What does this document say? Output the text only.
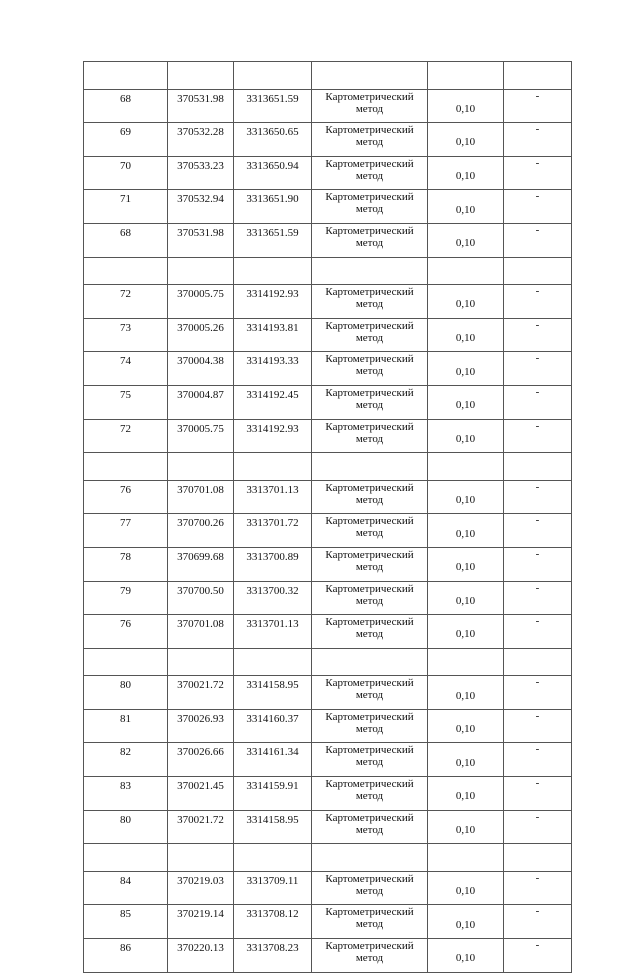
68	370531.98	3313651.59	Картометрический метод	0,10	-
69	370532.28	3313650.65	Картометрический метод	0,10	-
70	370533.23	3313650.94	Картометрический метод	0,10	-
71	370532.94	3313651.90	Картометрический метод	0,10	-
68	370531.98	3313651.59	Картометрический метод	0,10	-

72	370005.75	3314192.93	Картометрический метод	0,10	-
73	370005.26	3314193.81	Картометрический метод	0,10	-
74	370004.38	3314193.33	Картометрический метод	0,10	-
75	370004.87	3314192.45	Картометрический метод	0,10	-
72	370005.75	3314192.93	Картометрический метод	0,10	-

76	370701.08	3313701.13	Картометрический метод	0,10	-
77	370700.26	3313701.72	Картометрический метод	0,10	-
78	370699.68	3313700.89	Картометрический метод	0,10	-
79	370700.50	3313700.32	Картометрический метод	0,10	-
76	370701.08	3313701.13	Картометрический метод	0,10	-

80	370021.72	3314158.95	Картометрический метод	0,10	-
81	370026.93	3314160.37	Картометрический метод	0,10	-
82	370026.66	3314161.34	Картометрический метод	0,10	-
83	370021.45	3314159.91	Картометрический метод	0,10	-
80	370021.72	3314158.95	Картометрический метод	0,10	-

84	370219.03	3313709.11	Картометрический метод	0,10	-
85	370219.14	3313708.12	Картометрический метод	0,10	-
86	370220.13	3313708.23	Картометрический метод	0,10	-
